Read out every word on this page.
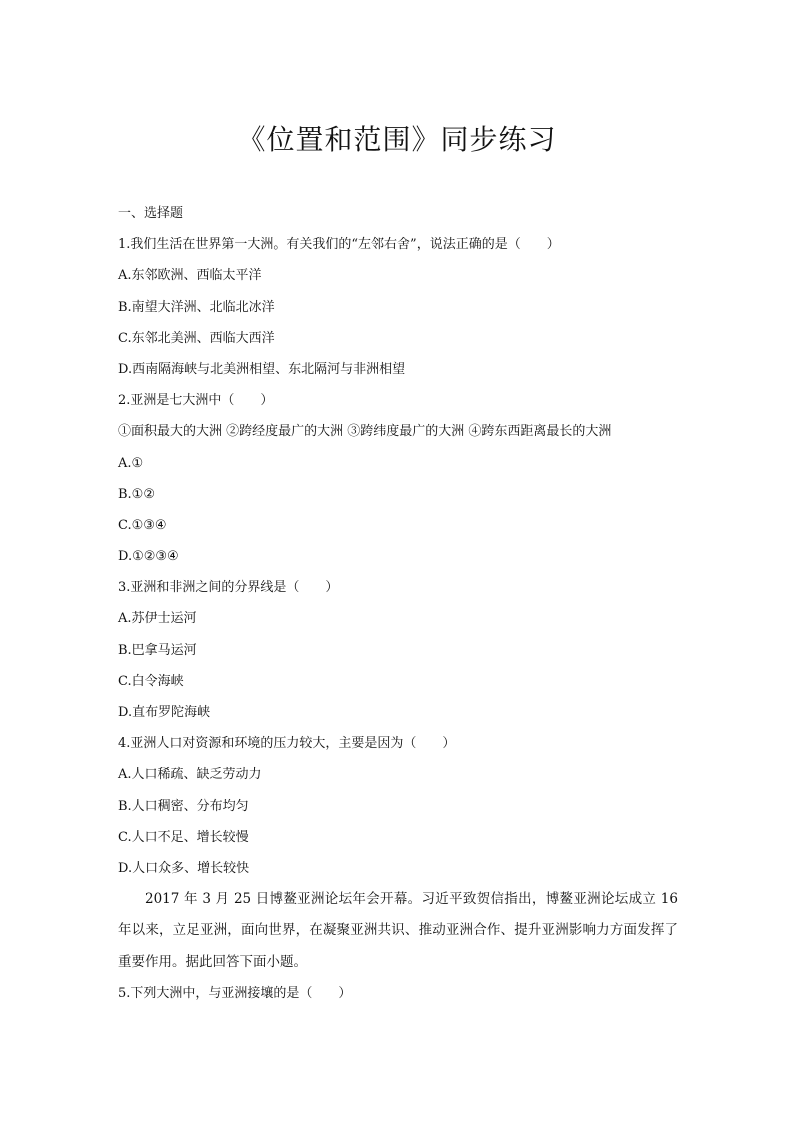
《位置和范围》同步练习
一、选择题
1.我们生活在世界第一大洲。有关我们的“左邻右舍”，说法正确的是（　　）
A.东邻欧洲、西临太平洋
B.南望大洋洲、北临北冰洋
C.东邻北美洲、西临大西洋
D.西南隔海峡与北美洲相望、东北隔河与非洲相望
2.亚洲是七大洲中（　　）
①面积最大的大洲 ②跨经度最广的大洲 ③跨纬度最广的大洲 ④跨东西距离最长的大洲
A.①
B.①②
C.①③④
D.①②③④
3.亚洲和非洲之间的分界线是（　　）
A.苏伊士运河
B.巴拿马运河
C.白令海峡
D.直布罗陀海峡
4.亚洲人口对资源和环境的压力较大，主要是因为（　　）
A.人口稀疏、缺乏劳动力
B.人口稠密、分布均匀
C.人口不足、增长较慢
D.人口众多、增长较快

2017 年 3 月 25 日博鳌亚洲论坛年会开幕。习近平致贺信指出，博鳌亚洲论坛成立 16 年以来，立足亚洲，面向世界，在凝聚亚洲共识、推动亚洲合作、提升亚洲影响力方面发挥了重要作用。据此回答下面小题。

5.下列大洲中，与亚洲接壤的是（　　）
